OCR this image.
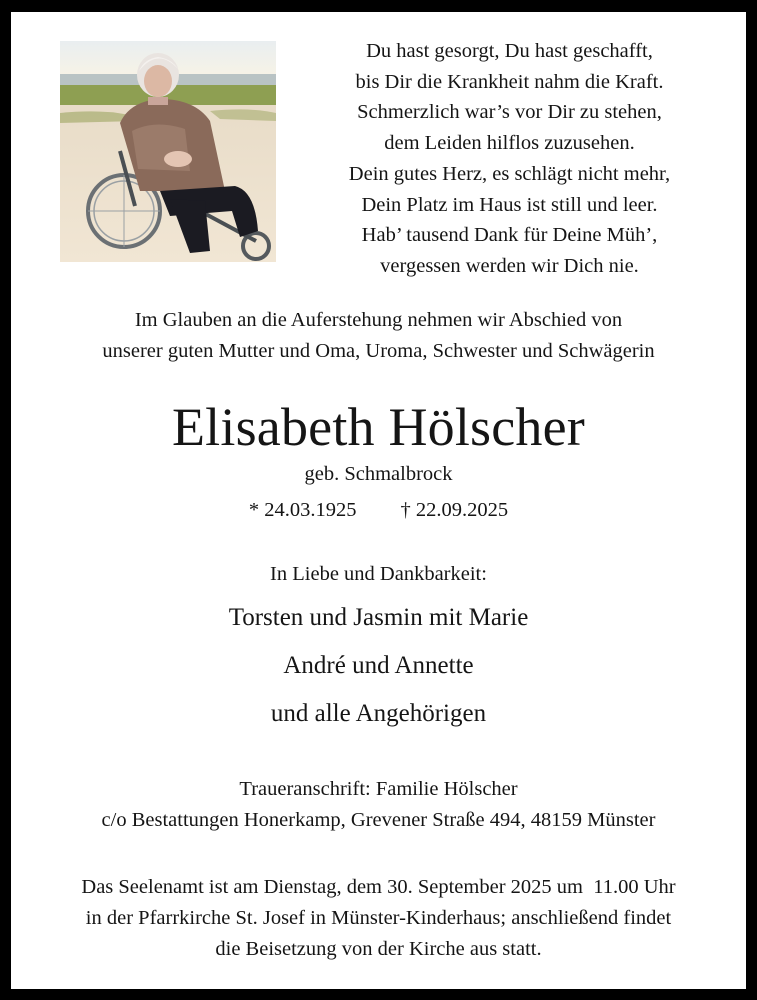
Du hast gesorgt, Du hast geschafft,
bis Dir die Krankheit nahm die Kraft.
Schmerzlich war’s vor Dir zu stehen,
dem Leiden hilflos zuzusehen.
Dein gutes Herz, es schlägt nicht mehr,
Dein Platz im Haus ist still und leer.
Hab’ tausend Dank für Deine Müh’,
vergessen werden wir Dich nie.
Im Glauben an die Auferstehung nehmen wir Abschied von
unserer guten Mutter und Oma, Uroma, Schwester und Schwägerin
Elisabeth Hölscher
geb. Schmalbrock
* 24.03.1925 † 22.09.2025
In Liebe und Dankbarkeit:
Torsten und Jasmin mit Marie
André und Annette
und alle Angehörigen
Traueranschrift: Familie Hölscher
c/o Bestattungen Honerkamp, Grevener Straße 494, 48159 Münster
Das Seelenamt ist am Dienstag, dem 30. September 2025 um  11.00 Uhr
in der Pfarrkirche St. Josef in Münster-Kinderhaus; anschließend findet
die Beisetzung von der Kirche aus statt.
